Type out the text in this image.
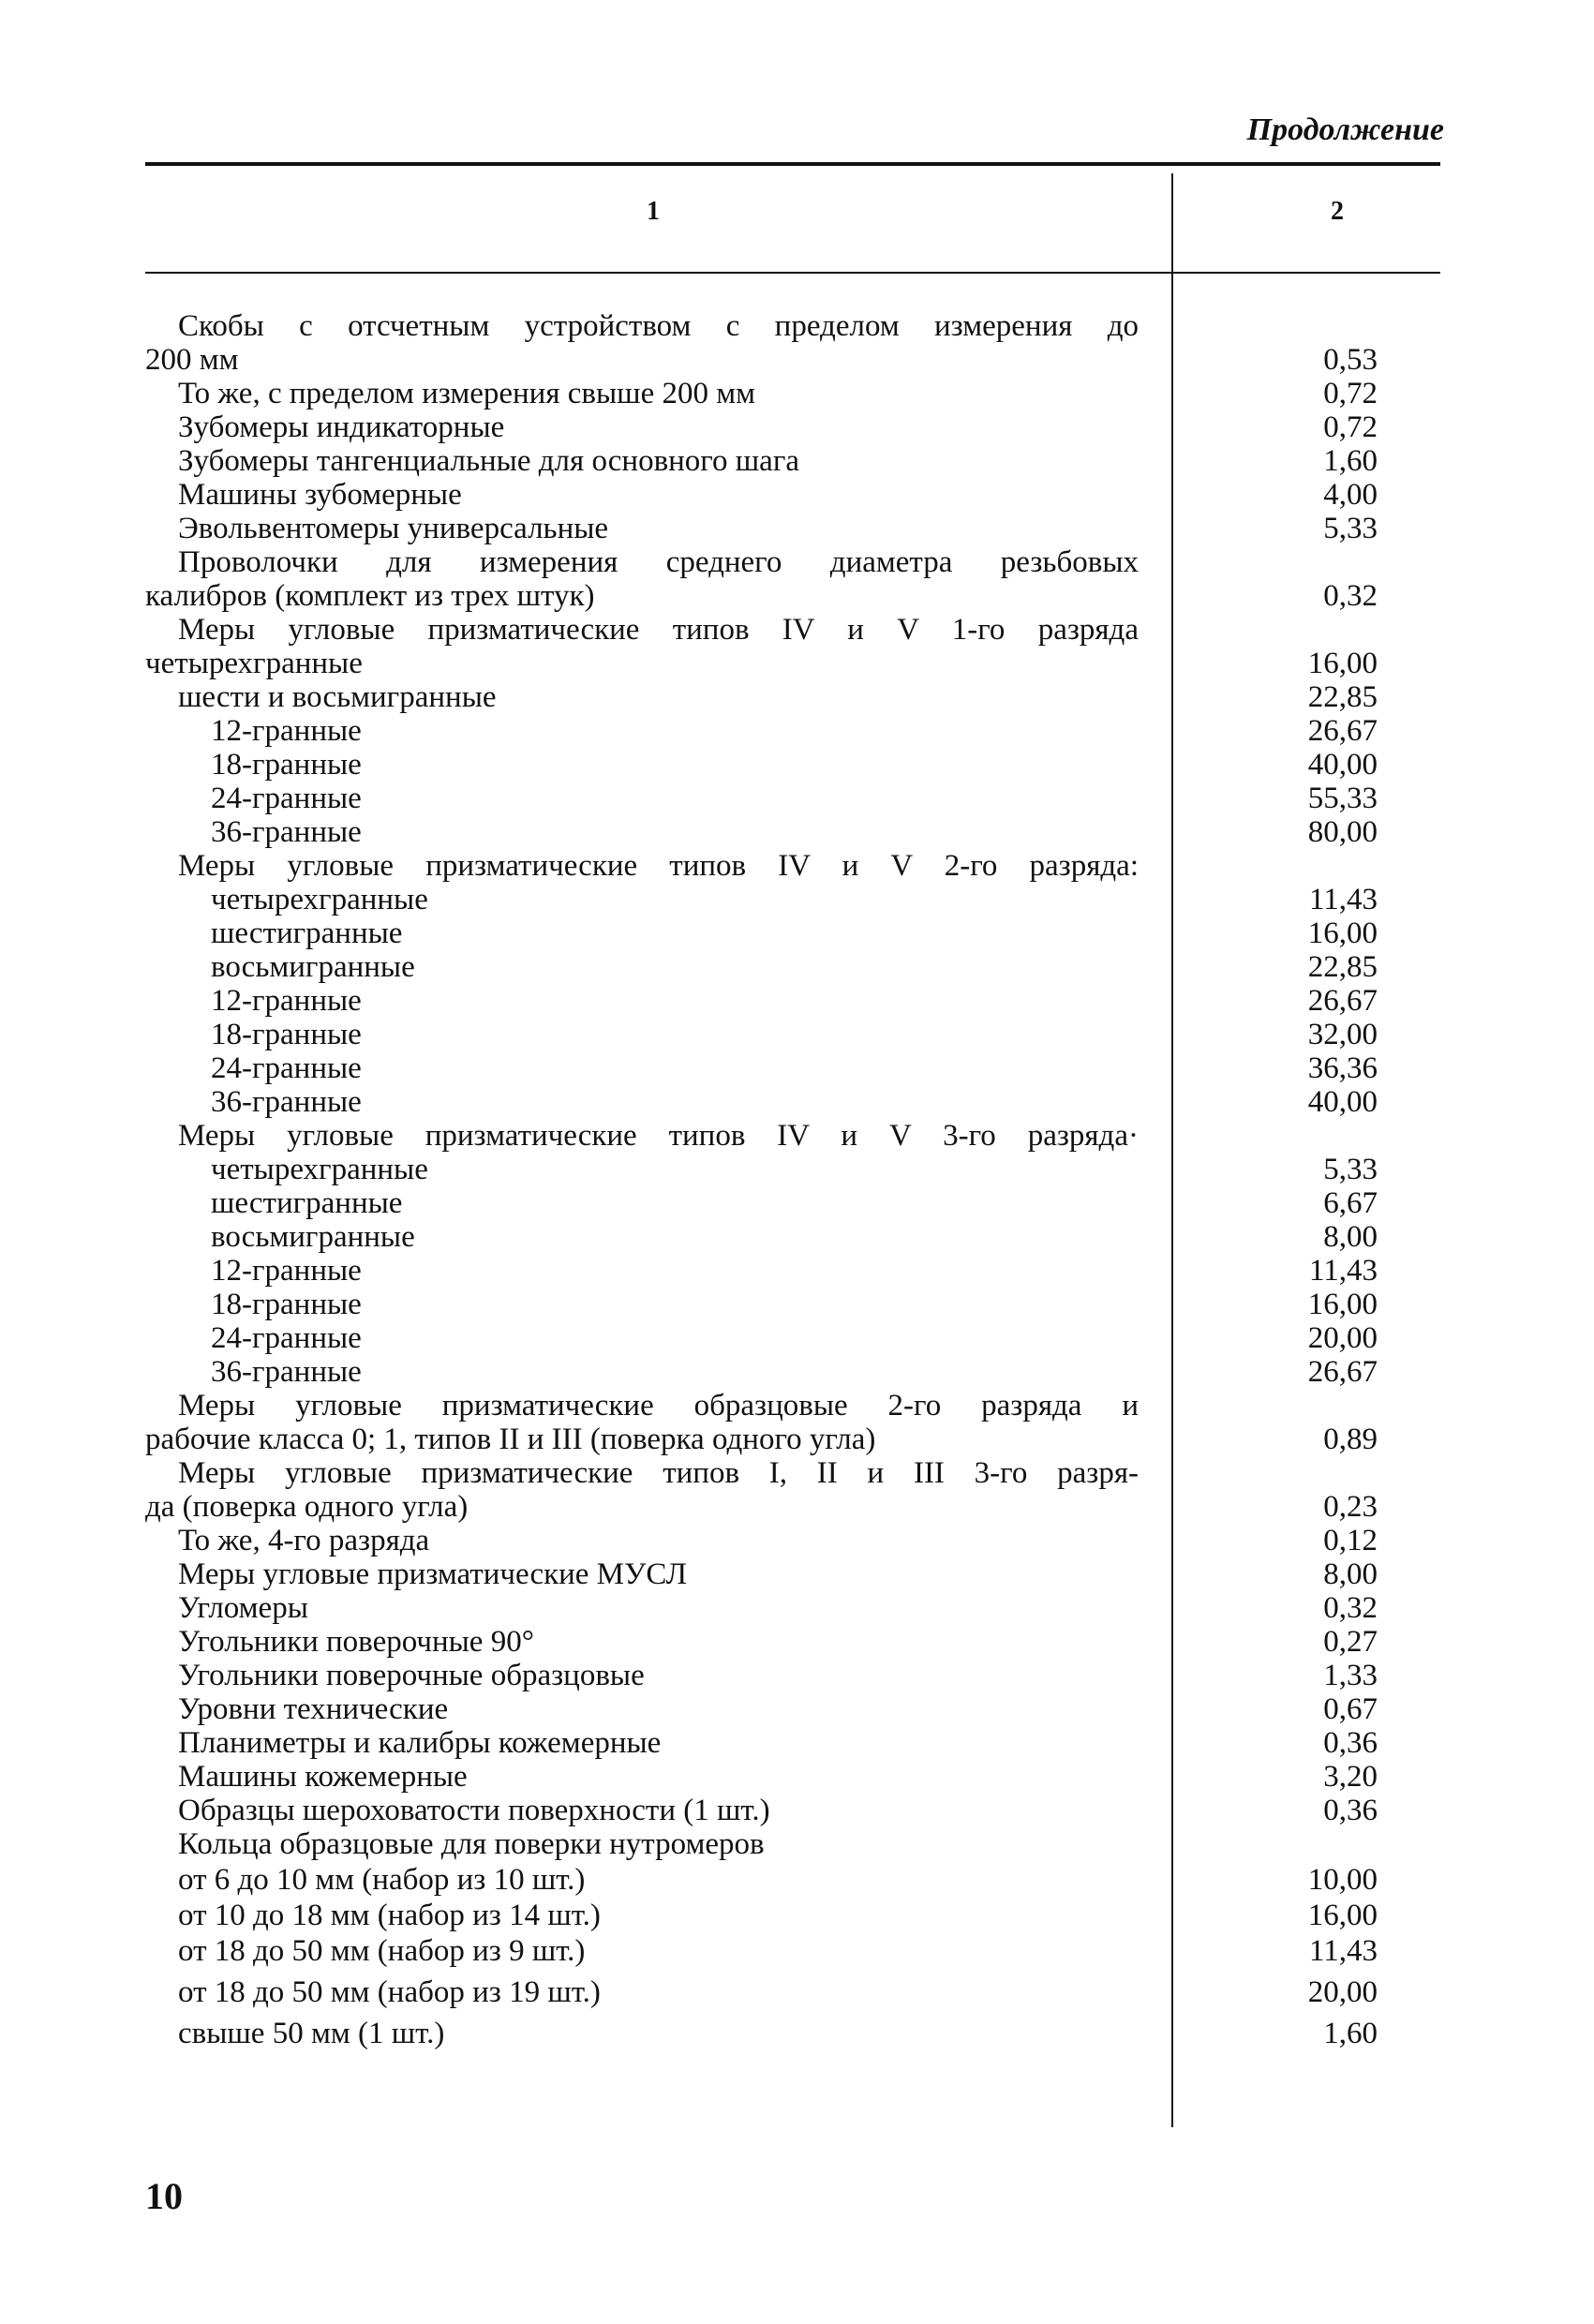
Продолжение
1	2
Скобы с отсчетным устройством с пределом измерения до
200 мм	0,53
То же, с пределом измерения свыше 200 мм	0,72
Зубомеры индикаторные	0,72
Зубомеры тангенциальные для основного шага	1,60
Машины зубомерные	4,00
Эвольвентомеры универсальные	5,33
Проволочки для измерения среднего диаметра резьбовых
калибров (комплект из трех штук)	0,32
Меры угловые призматические типов IV и V 1-го разряда
четырехгранные	16,00
шести и восьмигранные	22,85
12-гранные	26,67
18-гранные	40,00
24-гранные	55,33
36-гранные	80,00
Меры угловые призматические типов IV и V 2-го разряда:
четырехгранные	11,43
шестигранные	16,00
восьмигранные	22,85
12-гранные	26,67
18-гранные	32,00
24-гранные	36,36
36-гранные	40,00
Меры угловые призматические типов IV и V 3-го разряда·
четырехгранные	5,33
шестигранные	6,67
восьмигранные	8,00
12-гранные	11,43
18-гранные	16,00
24-гранные	20,00
36-гранные	26,67
Меры угловые призматические образцовые 2-го разряда и
рабочие класса 0; 1, типов II и III (поверка одного угла)	0,89
Меры угловые призматические типов I, II и III 3-го разря-
да (поверка одного угла)	0,23
То же, 4-го разряда	0,12
Меры угловые призматические МУСЛ	8,00
Угломеры	0,32
Угольники поверочные 90°	0,27
Угольники поверочные образцовые	1,33
Уровни технические	0,67
Планиметры и калибры кожемерные	0,36
Машины кожемерные	3,20
Образцы шероховатости поверхности (1 шт.)	0,36
Кольца образцовые для поверки нутромеров
от 6 до 10 мм (набор из 10 шт.)	10,00
от 10 до 18 мм (набор из 14 шт.)	16,00
от 18 до 50 мм (набор из 9 шт.)	11,43
от 18 до 50 мм (набор из 19 шт.)	20,00
свыше 50 мм (1 шт.)	1,60
10
